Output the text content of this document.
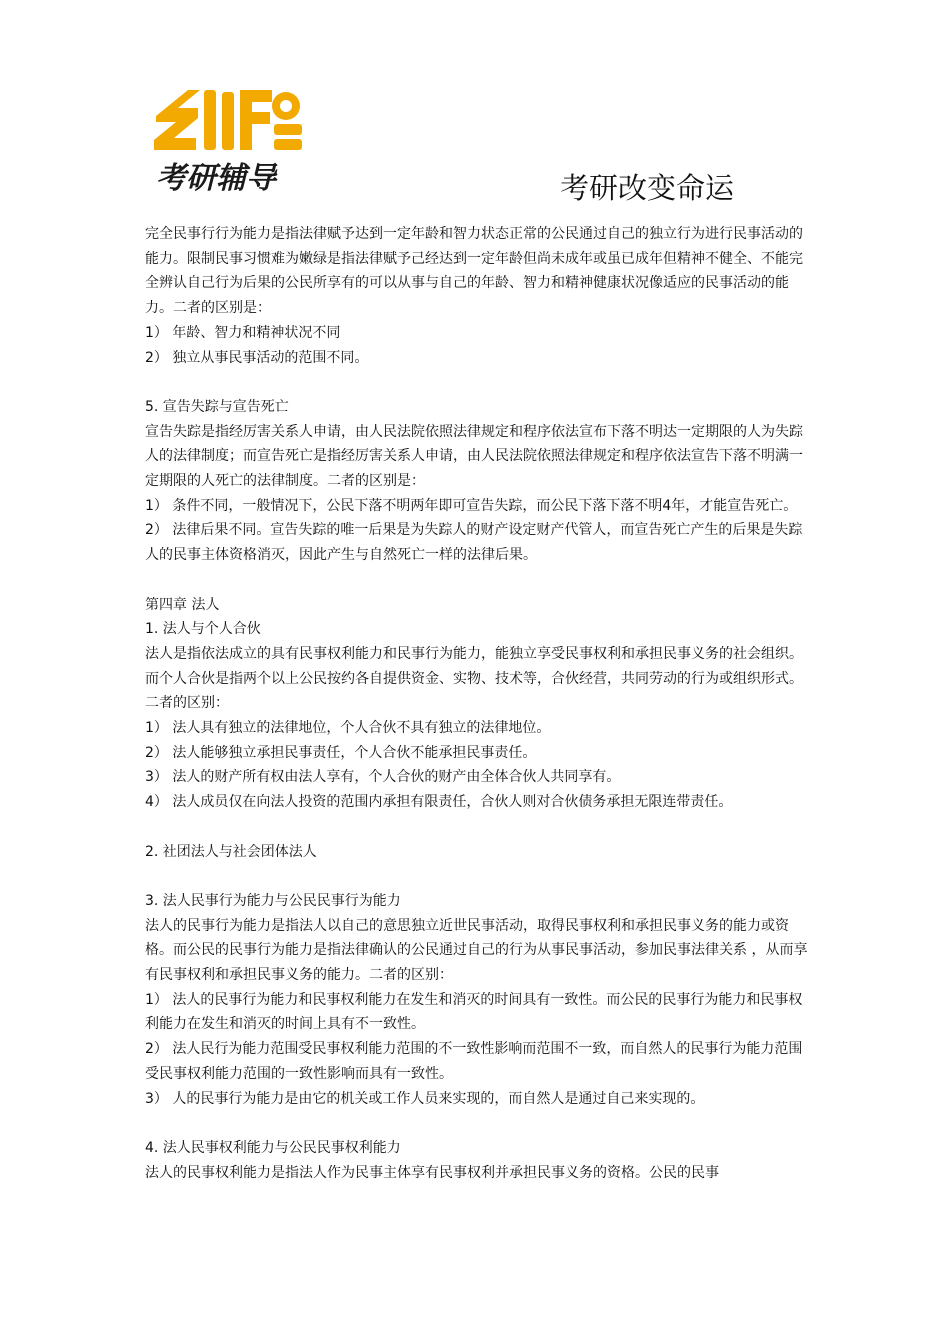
考研辅导	考研改变命运

完全民事行行为能力是指法律赋予达到一定年龄和智力状态正常的公民通过自己的独立行为进行民事活动的能力。限制民事习惯难为嫩绿是指法律赋予己经达到一定年龄但尚未成年或虽已成年但精神不健全、不能完全辨认自己行为后果的公民所享有的可以从事与自己的年龄、智力和精神健康状况像适应的民事活动的能力。二者的区别是：

1） 年龄、智力和精神状况不同

2） 独立从事民事活动的范围不同。

5. 宣告失踪与宣告死亡

宣告失踪是指经厉害关系人申请，由人民法院依照法律规定和程序依法宣布下落不明达一定期限的人为失踪人的法律制度；而宣告死亡是指经厉害关系人申请，由人民法院依照法律规定和程序依法宣告下落不明满一定期限的人死亡的法律制度。二者的区别是：

1） 条件不同，一般情况下，公民下落不明两年即可宣告失踪，而公民下落下落不明4年，才能宣告死亡。

2） 法律后果不同。宣告失踪的唯一后果是为失踪人的财产设定财产代管人，而宣告死亡产生的后果是失踪人的民事主体资格消灭，因此产生与自然死亡一样的法律后果。

第四章 法人

1. 法人与个人合伙

法人是指依法成立的具有民事权利能力和民事行为能力，能独立享受民事权利和承担民事义务的社会组织。而个人合伙是指两个以上公民按约各自提供资金、实物、技术等，合伙经营，共同劳动的行为或组织形式。二者的区别：

1） 法人具有独立的法律地位，个人合伙不具有独立的法律地位。

2） 法人能够独立承担民事责任，个人合伙不能承担民事责任。

3） 法人的财产所有权由法人享有，个人合伙的财产由全体合伙人共同享有。

4） 法人成员仅在向法人投资的范围内承担有限责任，合伙人则对合伙债务承担无限连带责任。

2. 社团法人与社会团体法人

3. 法人民事行为能力与公民民事行为能力

法人的民事行为能力是指法人以自己的意思独立近世民事活动，取得民事权利和承担民事义务的能力或资格。而公民的民事行为能力是指法律确认的公民通过自己的行为从事民事活动，参加民事法律关系 ，从而享有民事权利和承担民事义务的能力。二者的区别：

1） 法人的民事行为能力和民事权利能力在发生和消灭的时间具有一致性。而公民的民事行为能力和民事权利能力在发生和消灭的时间上具有不一致性。

2） 法人民行为能力范围受民事权利能力范围的不一致性影响而范围不一致，而自然人的民事行为能力范围受民事权利能力范围的一致性影响而具有一致性。

3） 人的民事行为能力是由它的机关或工作人员来实现的，而自然人是通过自己来实现的。

4. 法人民事权利能力与公民民事权利能力

法人的民事权利能力是指法人作为民事主体享有民事权利并承担民事义务的资格。公民的民事
